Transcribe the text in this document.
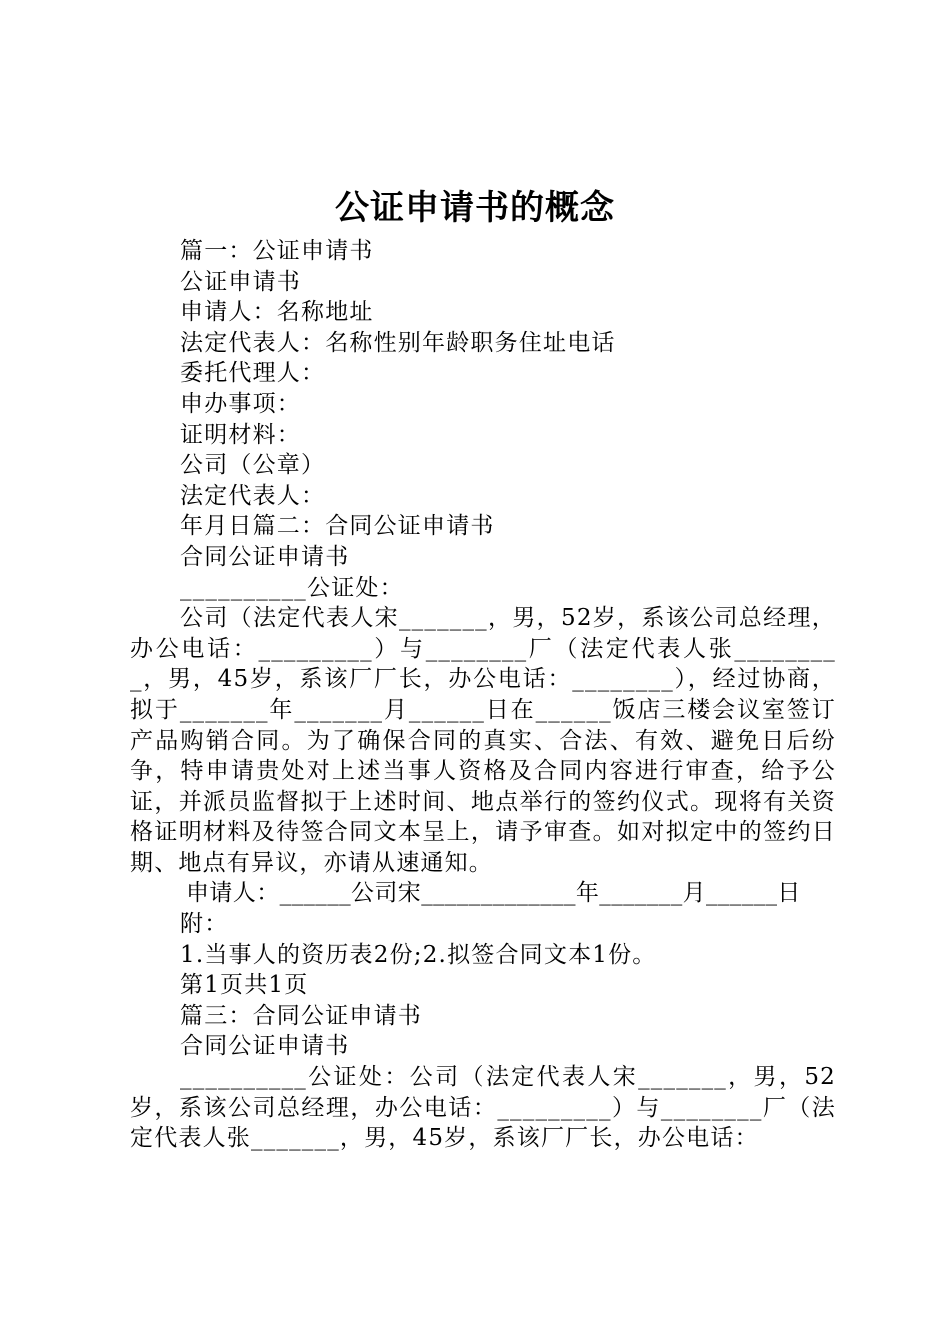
公证申请书的概念
篇一：公证申请书
公证申请书
申请人：名称地址
法定代表人：名称性别年龄职务住址电话
委托代理人：
申办事项：
证明材料：
公司（公章）
法定代表人：
年月日篇二：合同公证申请书
合同公证申请书
__________公证处：
公司（法定代表人宋_______，男，52岁，系该公司总经理，办公电话：_________）与________厂（法定代表人张_________，男，45岁，系该厂厂长，办公电话：________），经过协商，拟于_______年_______月______日在______饭店三楼会议室签订产品购销合同。为了确保合同的真实、合法、有效、避免日后纷争，特申请贵处对上述当事人资格及合同内容进行审查，给予公证，并派员监督拟于上述时间、地点举行的签约仪式。现将有关资格证明材料及待签合同文本呈上，请予审查。如对拟定中的签约日期、地点有异议，亦请从速通知。
申请人：______公司宋_____________年_______月______日
附：
1.当事人的资历表2份;2.拟签合同文本1份。
第1页共1页
篇三：合同公证申请书
合同公证申请书
__________公证处：公司（法定代表人宋_______，男，52岁，系该公司总经理，办公电话：_________）与________厂（法定代表人张_______，男，45岁，系该厂厂长，办公电话：
